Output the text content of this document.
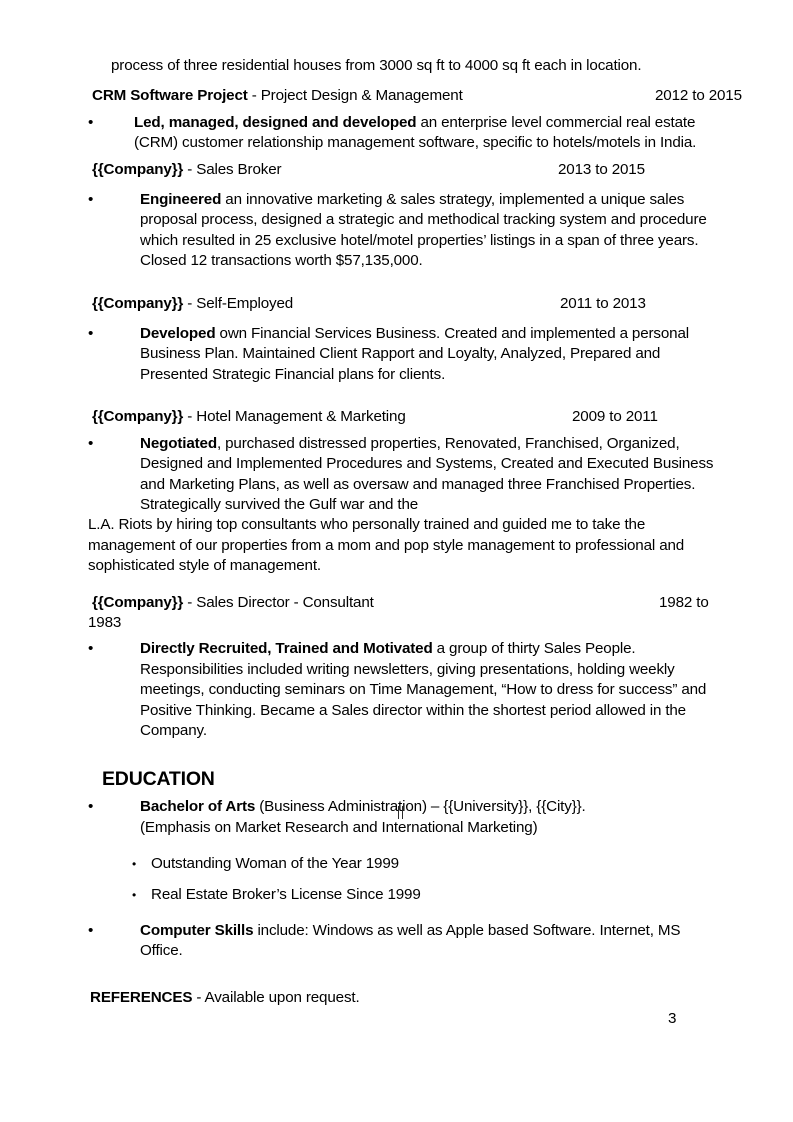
process of three residential houses from 3000 sq ft to 4000 sq ft each in location.

CRM Software Project - Project Design & Management	2012 to 2015

•	Led, managed, designed and developed an enterprise level commercial real estate (CRM) customer relationship management software, specific to hotels/motels in India.

{{Company}} - Sales Broker	2013 to 2015

•	Engineered an innovative marketing & sales strategy, implemented a unique sales proposal process, designed a strategic and methodical tracking system and procedure which resulted in 25 exclusive hotel/motel properties’ listings in a span of three years. Closed 12 transactions worth $57,135,000.

{{Company}} - Self-Employed	2011 to 2013

•	Developed own Financial Services Business. Created and implemented a personal Business Plan. Maintained Client Rapport and Loyalty, Analyzed, Prepared and Presented Strategic Financial plans for clients.

{{Company}} - Hotel Management & Marketing	2009 to 2011

•	Negotiated, purchased distressed properties, Renovated, Franchised, Organized, Designed and Implemented Procedures and Systems, Created and Executed Business and Marketing Plans, as well as oversaw and managed three Franchised Properties. Strategically survived the Gulf war and the

L.A. Riots by hiring top consultants who personally trained and guided me to take the management of our properties from a mom and pop style management to professional and sophisticated style of management.

{{Company}} - Sales Director - Consultant	1982 to

1983

•	Directly Recruited, Trained and Motivated a group of thirty Sales People. Responsibilities included writing newsletters, giving presentations, holding weekly meetings, conducting seminars on Time Management, “How to dress for success” and Positive Thinking. Became a Sales director within the shortest period allowed in the Company.

EDUCATION

•	Bachelor of Arts (Business Administration) – {{University}}, {{City}}.

(Emphasis on Market Research and International Marketing)

• Outstanding Woman of the Year 1999

• Real Estate Broker’s License Since 1999

•	Computer Skills include: Windows as well as Apple based Software. Internet, MS Office.

REFERENCES - Available upon request.

3
